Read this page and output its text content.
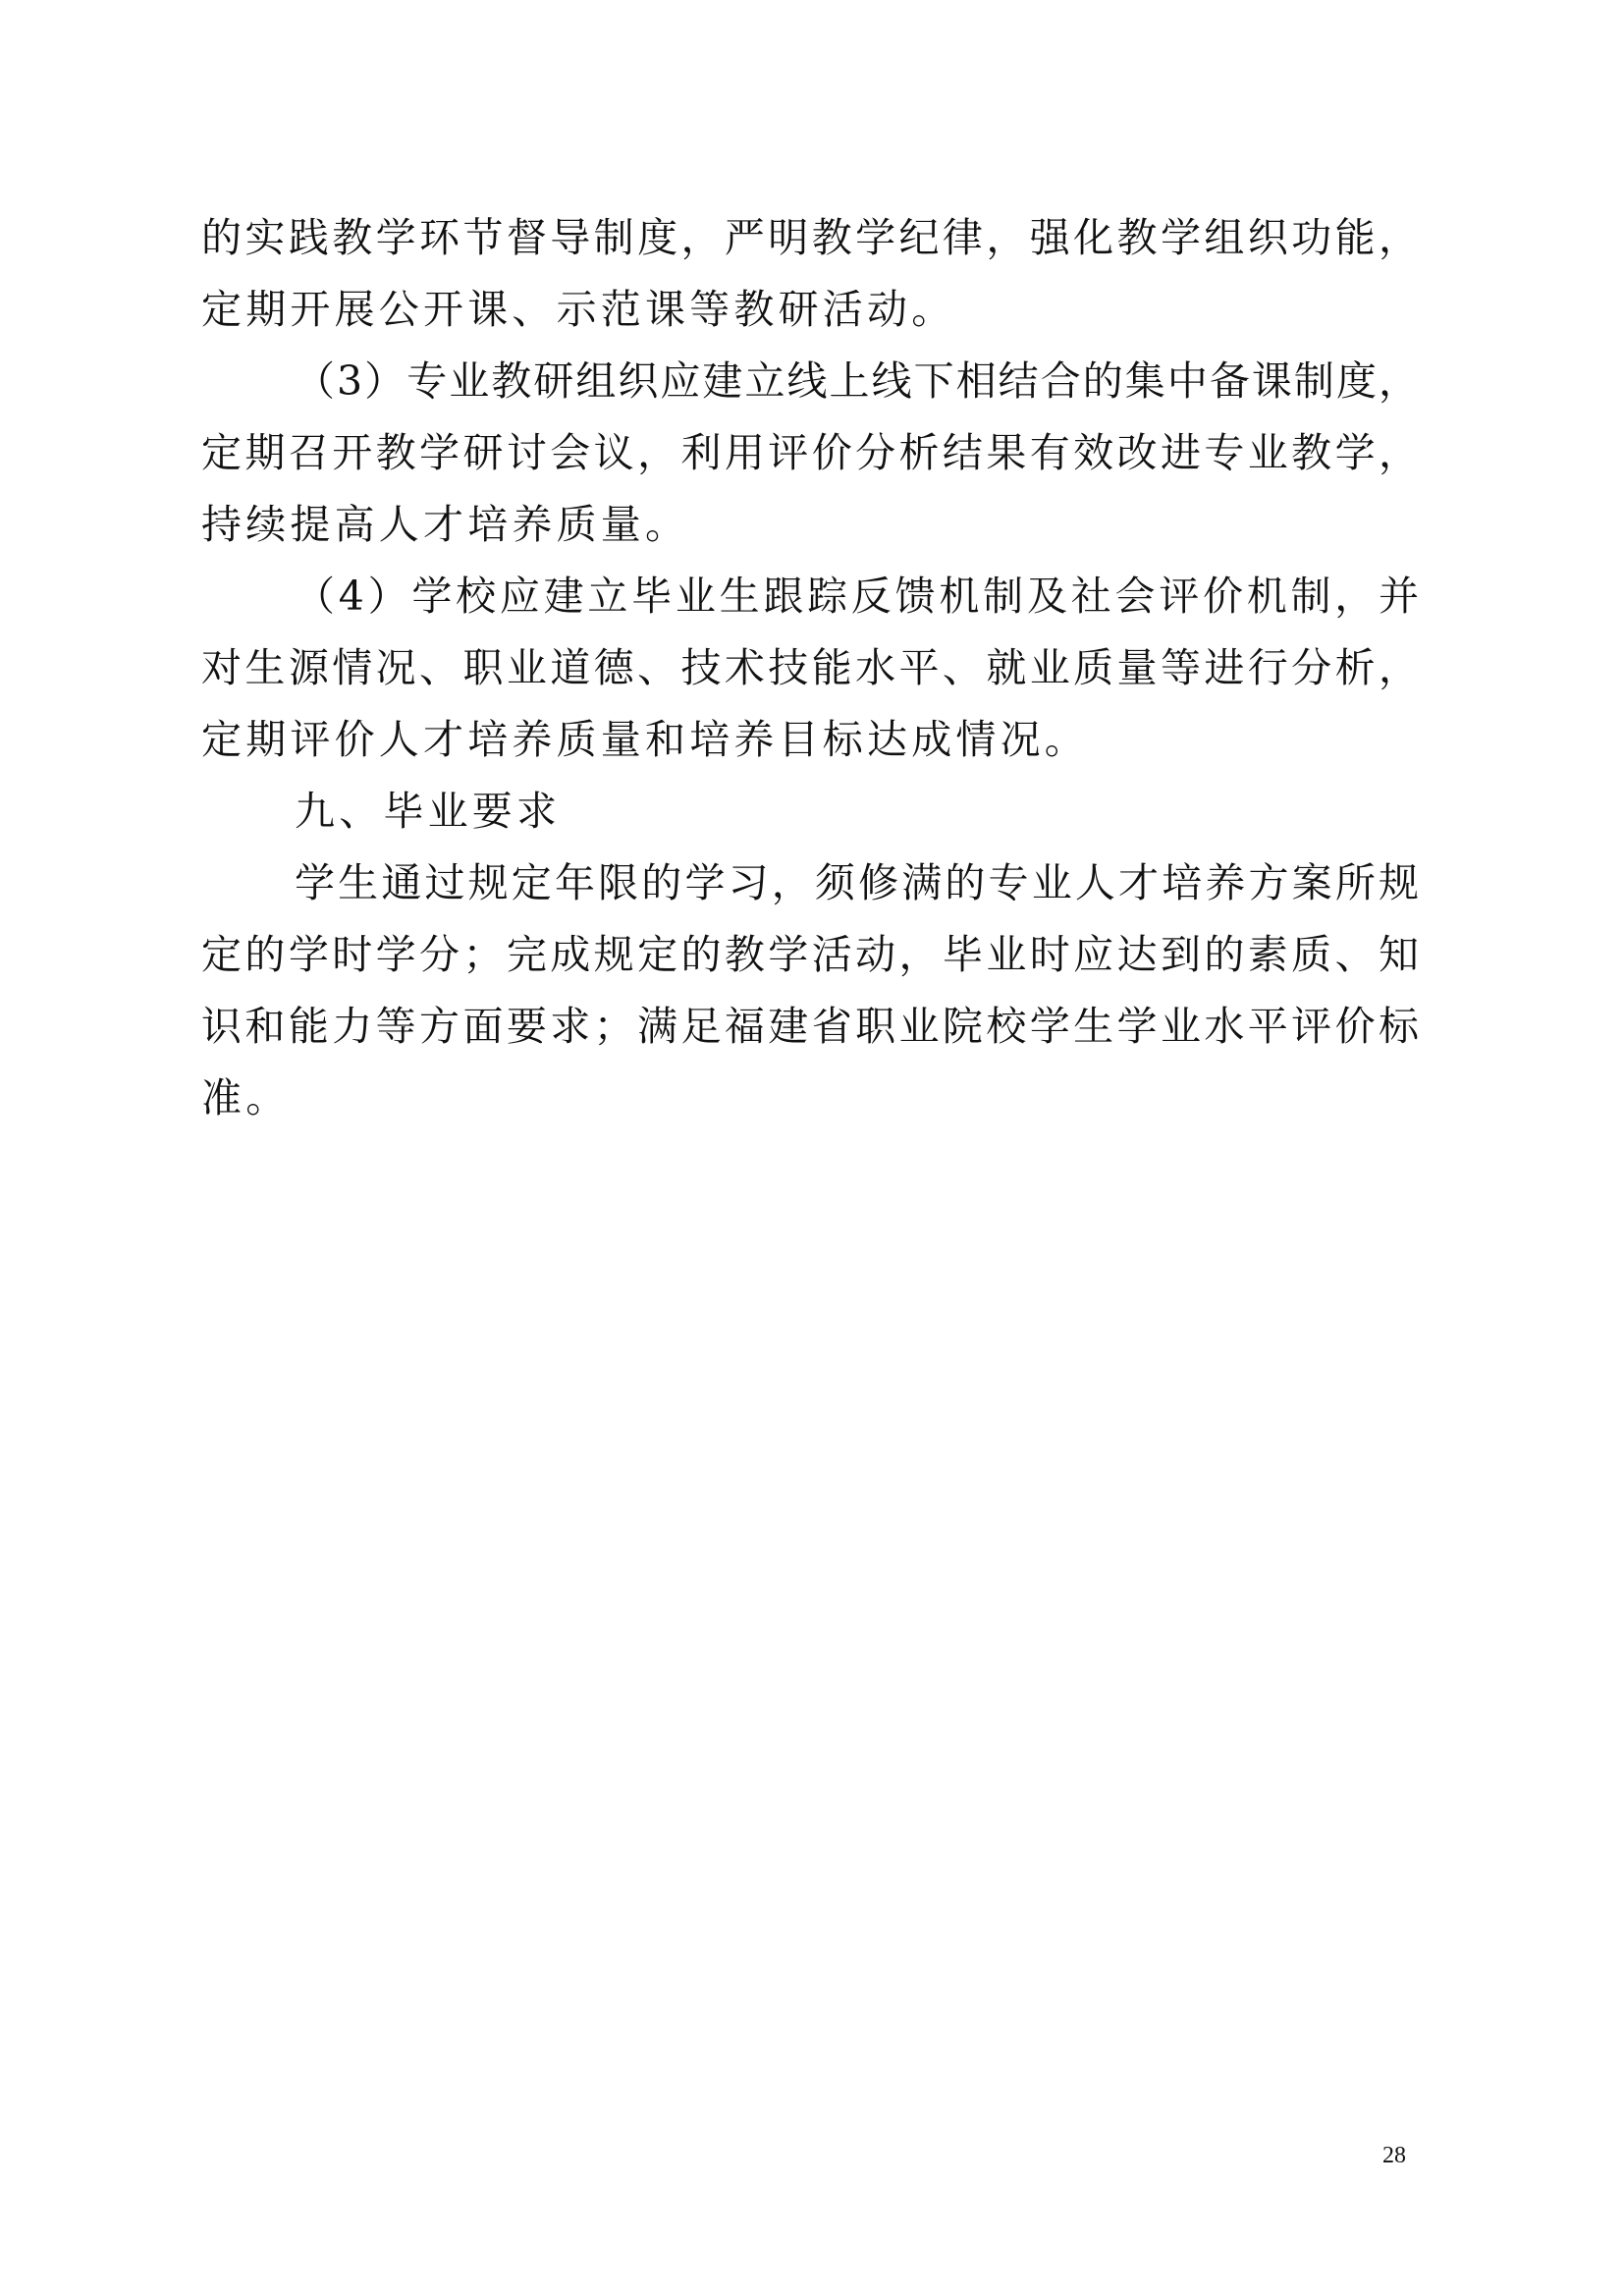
的实践教学环节督导制度，严明教学纪律，强化教学组织功能，
定期开展公开课、示范课等教研活动。
（3）专业教研组织应建立线上线下相结合的集中备课制度，
定期召开教学研讨会议，利用评价分析结果有效改进专业教学，
持续提高人才培养质量。
（4）学校应建立毕业生跟踪反馈机制及社会评价机制，并
对生源情况、职业道德、技术技能水平、就业质量等进行分析，
定期评价人才培养质量和培养目标达成情况。
九、毕业要求
学生通过规定年限的学习，须修满的专业人才培养方案所规
定的学时学分；完成规定的教学活动，毕业时应达到的素质、知
识和能力等方面要求；满足福建省职业院校学生学业水平评价标
准。
28
